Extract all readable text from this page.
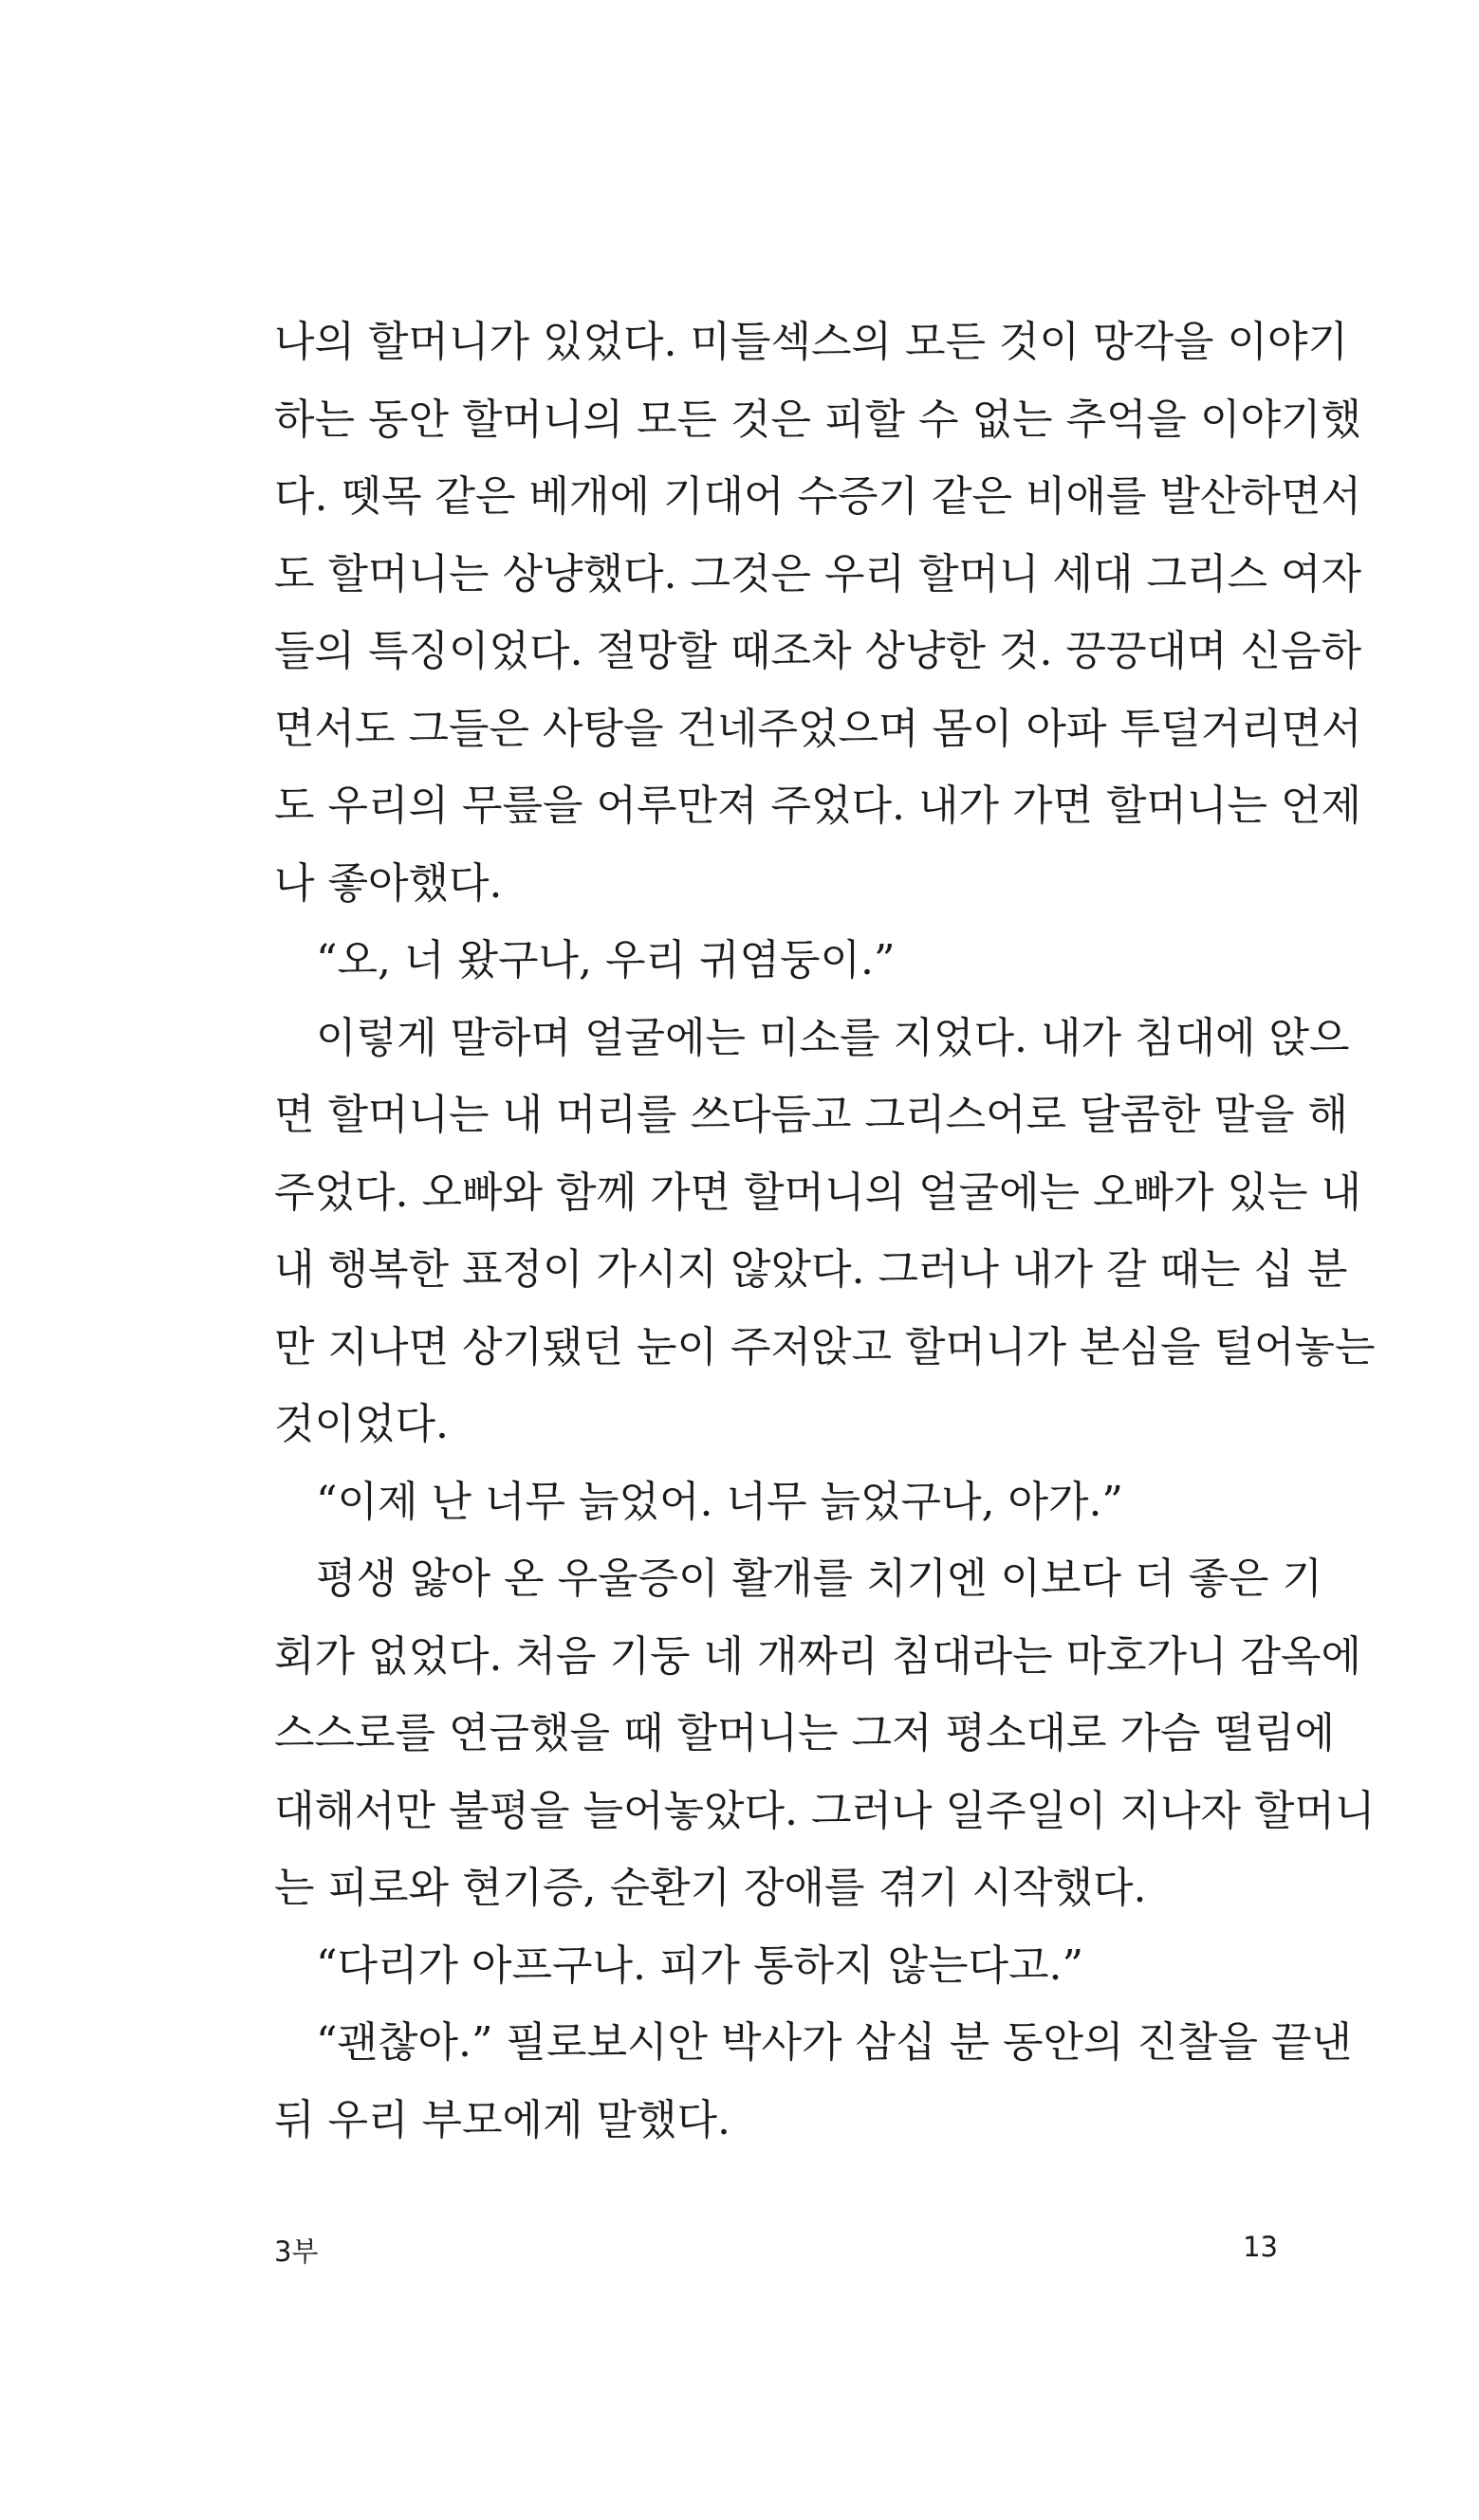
나의 할머니가 있었다. 미들섹스의 모든 것이 망각을 이야기
하는 동안 할머니의 모든 것은 피할 수 없는 추억을 이야기했
다. 뗏목 같은 베개에 기대어 수증기 같은 비애를 발산하면서
도 할머니는 상냥했다. 그것은 우리 할머니 세대 그리스 여자
들의 특징이었다. 절망할 때조차 상냥한 것. 끙끙대며 신음하
면서도 그들은 사탕을 건네주었으며 몸이 아파 투덜거리면서
도 우리의 무릎을 어루만져 주었다. 내가 가면 할머니는 언제
나 좋아했다.
“오, 너 왔구나, 우리 귀염둥이.”
이렇게 말하며 얼굴에는 미소를 지었다. 내가 침대에 앉으
면 할머니는 내 머리를 쓰다듬고 그리스어로 달콤한 말을 해
주었다. 오빠와 함께 가면 할머니의 얼굴에는 오빠가 있는 내
내 행복한 표정이 가시지 않았다. 그러나 내가 갈 때는 십 분
만 지나면 상기됐던 눈이 주저앉고 할머니가 본심을 털어놓는
것이었다.
“이제 난 너무 늙었어. 너무 늙었구나, 아가.”
평생 앓아 온 우울증이 활개를 치기엔 이보다 더 좋은 기
회가 없었다. 처음 기둥 네 개짜리 침대라는 마호가니 감옥에
스스로를 연금했을 때 할머니는 그저 평소대로 가슴 떨림에
대해서만 불평을 늘어놓았다. 그러나 일주일이 지나자 할머니
는 피로와 현기증, 순환기 장애를 겪기 시작했다.
“다리가 아프구나. 피가 통하지 않는다고.”
“괜찮아.” 필로보시안 박사가 삼십 분 동안의 진찰을 끝낸
뒤 우리 부모에게 말했다.
3부	13
